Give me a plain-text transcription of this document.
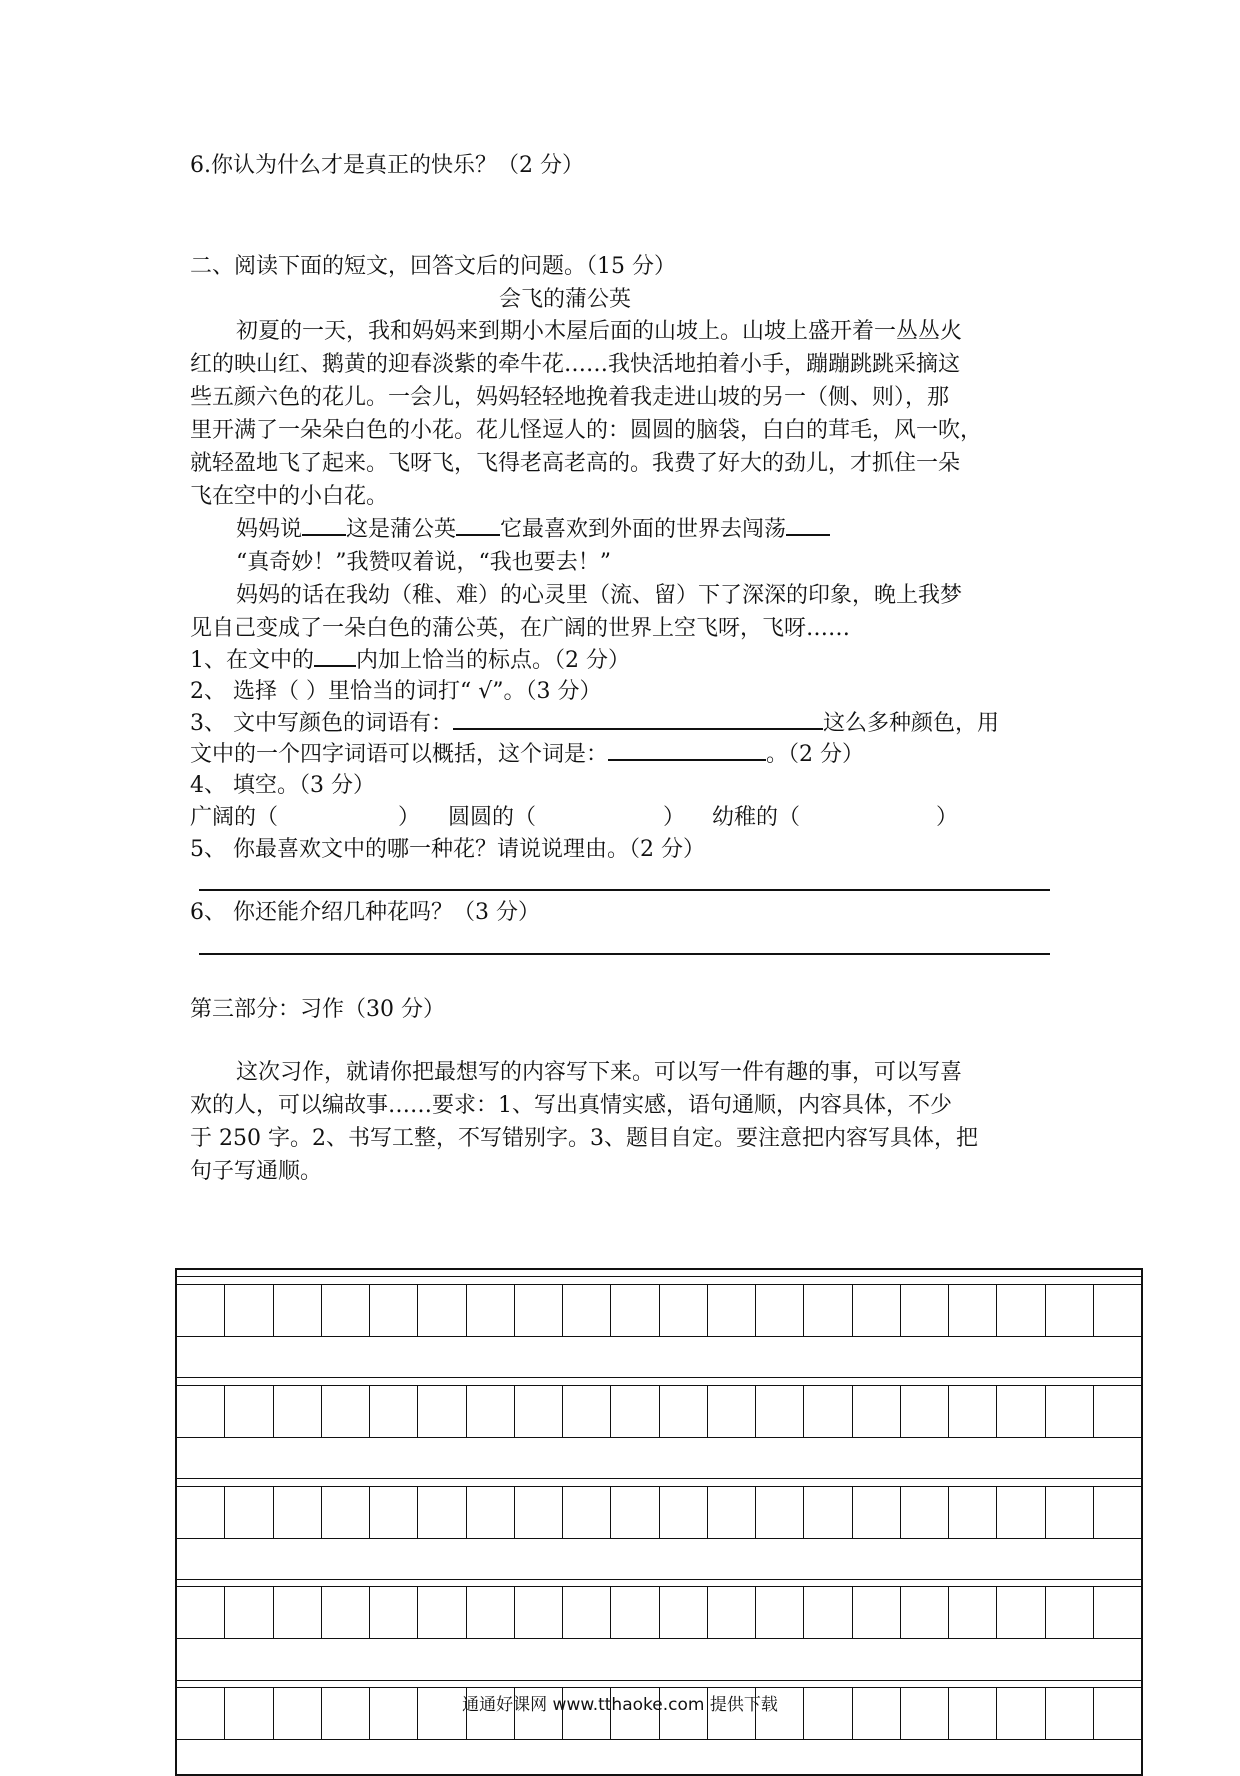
6.你认为什么才是真正的快乐？（2 分）
二、阅读下面的短文，回答文后的问题。（15 分）
会飞的蒲公英
初夏的一天，我和妈妈来到期小木屋后面的山坡上。山坡上盛开着一丛丛火
红的映山红、鹅黄的迎春淡紫的牵牛花……我快活地拍着小手，蹦蹦跳跳采摘这
些五颜六色的花儿。一会儿，妈妈轻轻地挽着我走进山坡的另一（侧、则），那
里开满了一朵朵白色的小花。花儿怪逗人的：圆圆的脑袋，白白的茸毛，风一吹，
就轻盈地飞了起来。飞呀飞，飞得老高老高的。我费了好大的劲儿，才抓住一朵
飞在空中的小白花。
妈妈说 这是蒲公英 它最喜欢到外面的世界去闯荡
“真奇妙！”我赞叹着说，“我也要去！”
妈妈的话在我幼（稚、难）的心灵里（流、留）下了深深的印象，晚上我梦
见自己变成了一朵白色的蒲公英，在广阔的世界上空飞呀，飞呀……
1、在文中的 内加上恰当的标点。（2 分）
2、 选择（ ）里恰当的词打“ √”。（3 分）
3、 文中写颜色的词语有：	这么多种颜色，用
文中的一个四字词语可以概括，这个词是：	。（2 分）
4、 填空。（3 分）
广阔的（	） 圆圆的（	） 幼稚的（	）
5、 你最喜欢文中的哪一种花？请说说理由。（2 分）
6、 你还能介绍几种花吗？（3 分）
第三部分：习作（30 分）
这次习作，就请你把最想写的内容写下来。可以写一件有趣的事，可以写喜
欢的人，可以编故事……要求：1、写出真情实感，语句通顺，内容具体，不少
于 250 字。2、书写工整，不写错别字。3、题目自定。要注意把内容写具体，把
句子写通顺。
通通好课网 www.tthaoke.com 提供下载
